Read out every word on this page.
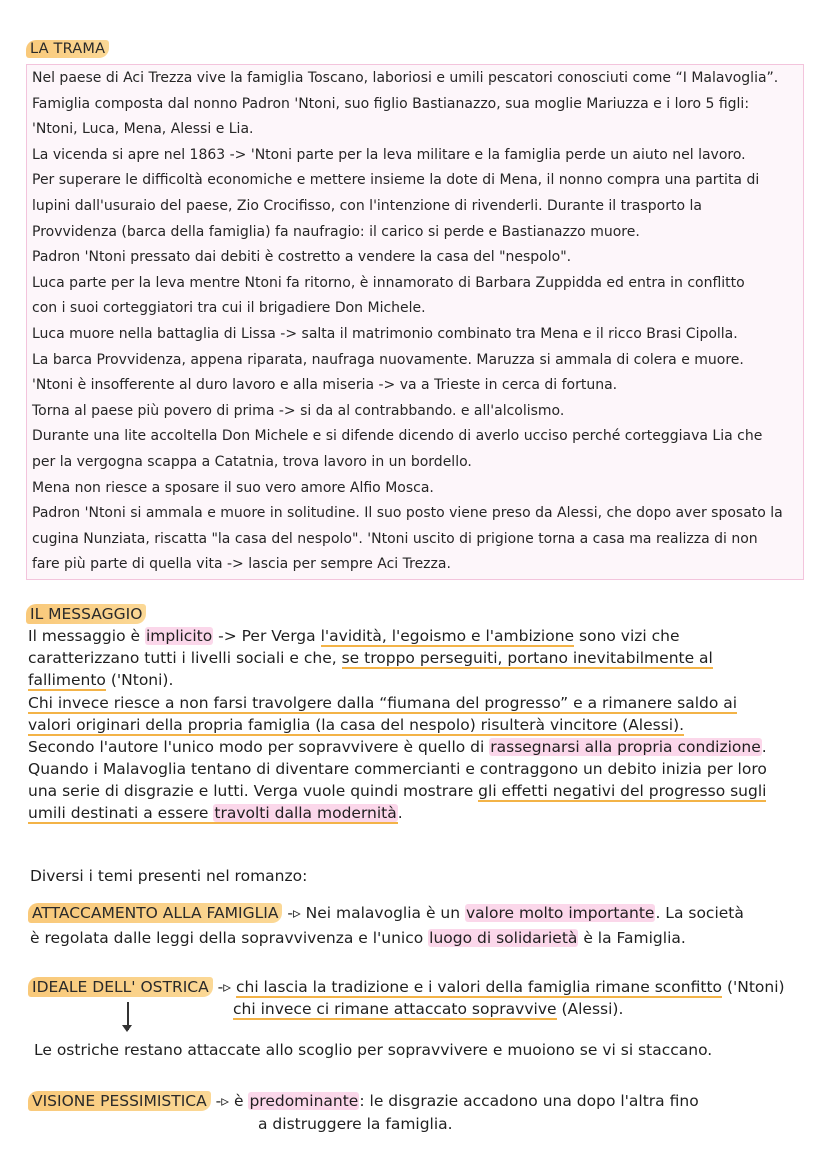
LA TRAMA
Nel paese di Aci Trezza vive la famiglia Toscano, laboriosi e umili pescatori conosciuti come “I Malavoglia”.
Famiglia composta dal nonno Padron 'Ntoni, suo figlio Bastianazzo, sua moglie Mariuzza e i loro 5 figli:
'Ntoni, Luca, Mena, Alessi e Lia.
La vicenda si apre nel 1863 -> 'Ntoni parte per la leva militare e la famiglia perde un aiuto nel lavoro.
Per superare le difficoltà economiche e mettere insieme la dote di Mena, il nonno compra una partita di
lupini dall'usuraio del paese, Zio Crocifisso, con l'intenzione di rivenderli. Durante il trasporto la
Provvidenza (barca della famiglia) fa naufragio: il carico si perde e Bastianazzo muore.
Padron 'Ntoni pressato dai debiti è costretto a vendere la casa del "nespolo".
Luca parte per la leva mentre Ntoni fa ritorno, è innamorato di Barbara Zuppidda ed entra in conflitto
con i suoi corteggiatori tra cui il brigadiere Don Michele.
Luca muore nella battaglia di Lissa -> salta il matrimonio combinato tra Mena e il ricco Brasi Cipolla.
La barca Provvidenza, appena riparata, naufraga nuovamente. Maruzza si ammala di colera e muore.
'Ntoni è insofferente al duro lavoro e alla miseria -> va a Trieste in cerca di fortuna.
Torna al paese più povero di prima -> si da al contrabbando. e all'alcolismo.
Durante una lite accoltella Don Michele e si difende dicendo di averlo ucciso perché corteggiava Lia che
per la vergogna scappa a Catatnia, trova lavoro in un bordello.
Mena non riesce a sposare il suo vero amore Alfio Mosca.
Padron 'Ntoni si ammala e muore in solitudine. Il suo posto viene preso da Alessi, che dopo aver sposato la
cugina Nunziata, riscatta "la casa del nespolo". 'Ntoni uscito di prigione torna a casa ma realizza di non
fare più parte di quella vita -> lascia per sempre Aci Trezza.
IL MESSAGGIO
Il messaggio è implicito -> Per Verga l'avidità, l'egoismo e l'ambizione sono vizi che
caratterizzano tutti i livelli sociali e che, se troppo perseguiti, portano inevitabilmente al
fallimento ('Ntoni).
Chi invece riesce a non farsi travolgere dalla “fiumana del progresso” e a rimanere saldo ai
valori originari della propria famiglia (la casa del nespolo) risulterà vincitore (Alessi).
Secondo l'autore l'unico modo per sopravvivere è quello di rassegnarsi alla propria condizione.
Quando i Malavoglia tentano di diventare commercianti e contraggono un debito inizia per loro
una serie di disgrazie e lutti. Verga vuole quindi mostrare gli effetti negativi del progresso sugli
umili destinati a essere travolti dalla modernità.
Diversi i temi presenti nel romanzo:
ATTACCAMENTO ALLA FAMIGLIA -▹ Nei malavoglia è un valore molto importante. La società
è regolata dalle leggi della sopravvivenza e l'unico luogo di solidarietà è la Famiglia.
IDEALE DELL' OSTRICA -▹ chi lascia la tradizione e i valori della famiglia rimane sconfitto ('Ntoni)
chi invece ci rimane attaccato sopravvive (Alessi).
Le ostriche restano attaccate allo scoglio per sopravvivere e muoiono se vi si staccano.
VISIONE PESSIMISTICA -▹ è predominante: le disgrazie accadono una dopo l'altra fino
a distruggere la famiglia.
